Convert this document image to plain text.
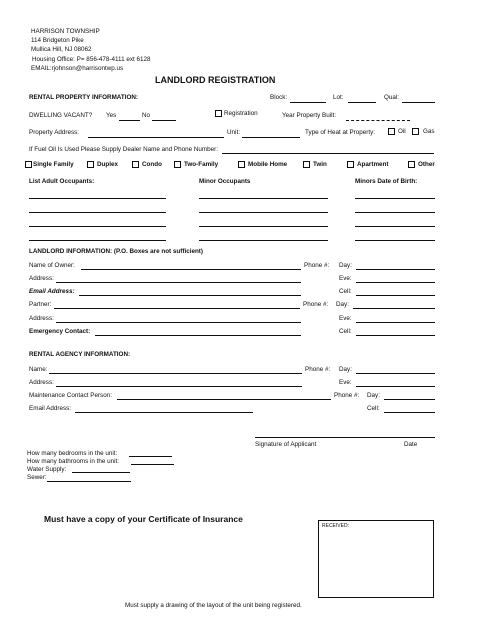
HARRISON TOWNSHIP
114 Bridgeton Pike
Mullica Hill, NJ 08062
Housing Office: P= 856-478-4111 ext 6128
EMAIL:rjohnson@harrisontwp.us
LANDLORD REGISTRATION
RENTAL PROPERTY INFORMATION:	Block:	Lot:	Qual:
DWELLING VACANT? Yes	No	Registration	Year Property Built:
Property Address:	Unit:	Type of Heat at Property:	Oil	Gas
If Fuel Oil Is Used Please Supply Dealer Name and Phone Number:
Single Family	Duplex	Condo	Two-Family	Mobile Home	Twin	Apartment	Other
List Adult Occupants:	Minor Occupants	Minors Date of Birth:
LANDLORD INFORMATION: (P.O. Boxes are not sufficient)
Name of Owner:	Phone #: Day:
Address:	Eve:
Email Address:	Cell:
Partner:	Phone #: Day:
Address:	Eve:
Emergency Contact:	Cell:
RENTAL AGENCY INFORMATION:
Name:	Phone #: Day:
Address:	Eve:
Maintenance Contact Person:	Phone #: Day:
Email Address:	Cell:
Signature of Applicant	Date
How many bedrooms in the unit:
How many bathrooms in the unit:
Water Supply:
Sewer:
Must have a copy of your Certificate of Insurance
RECEIVED:
Must supply a drawing of the layout of the unit being registered.
